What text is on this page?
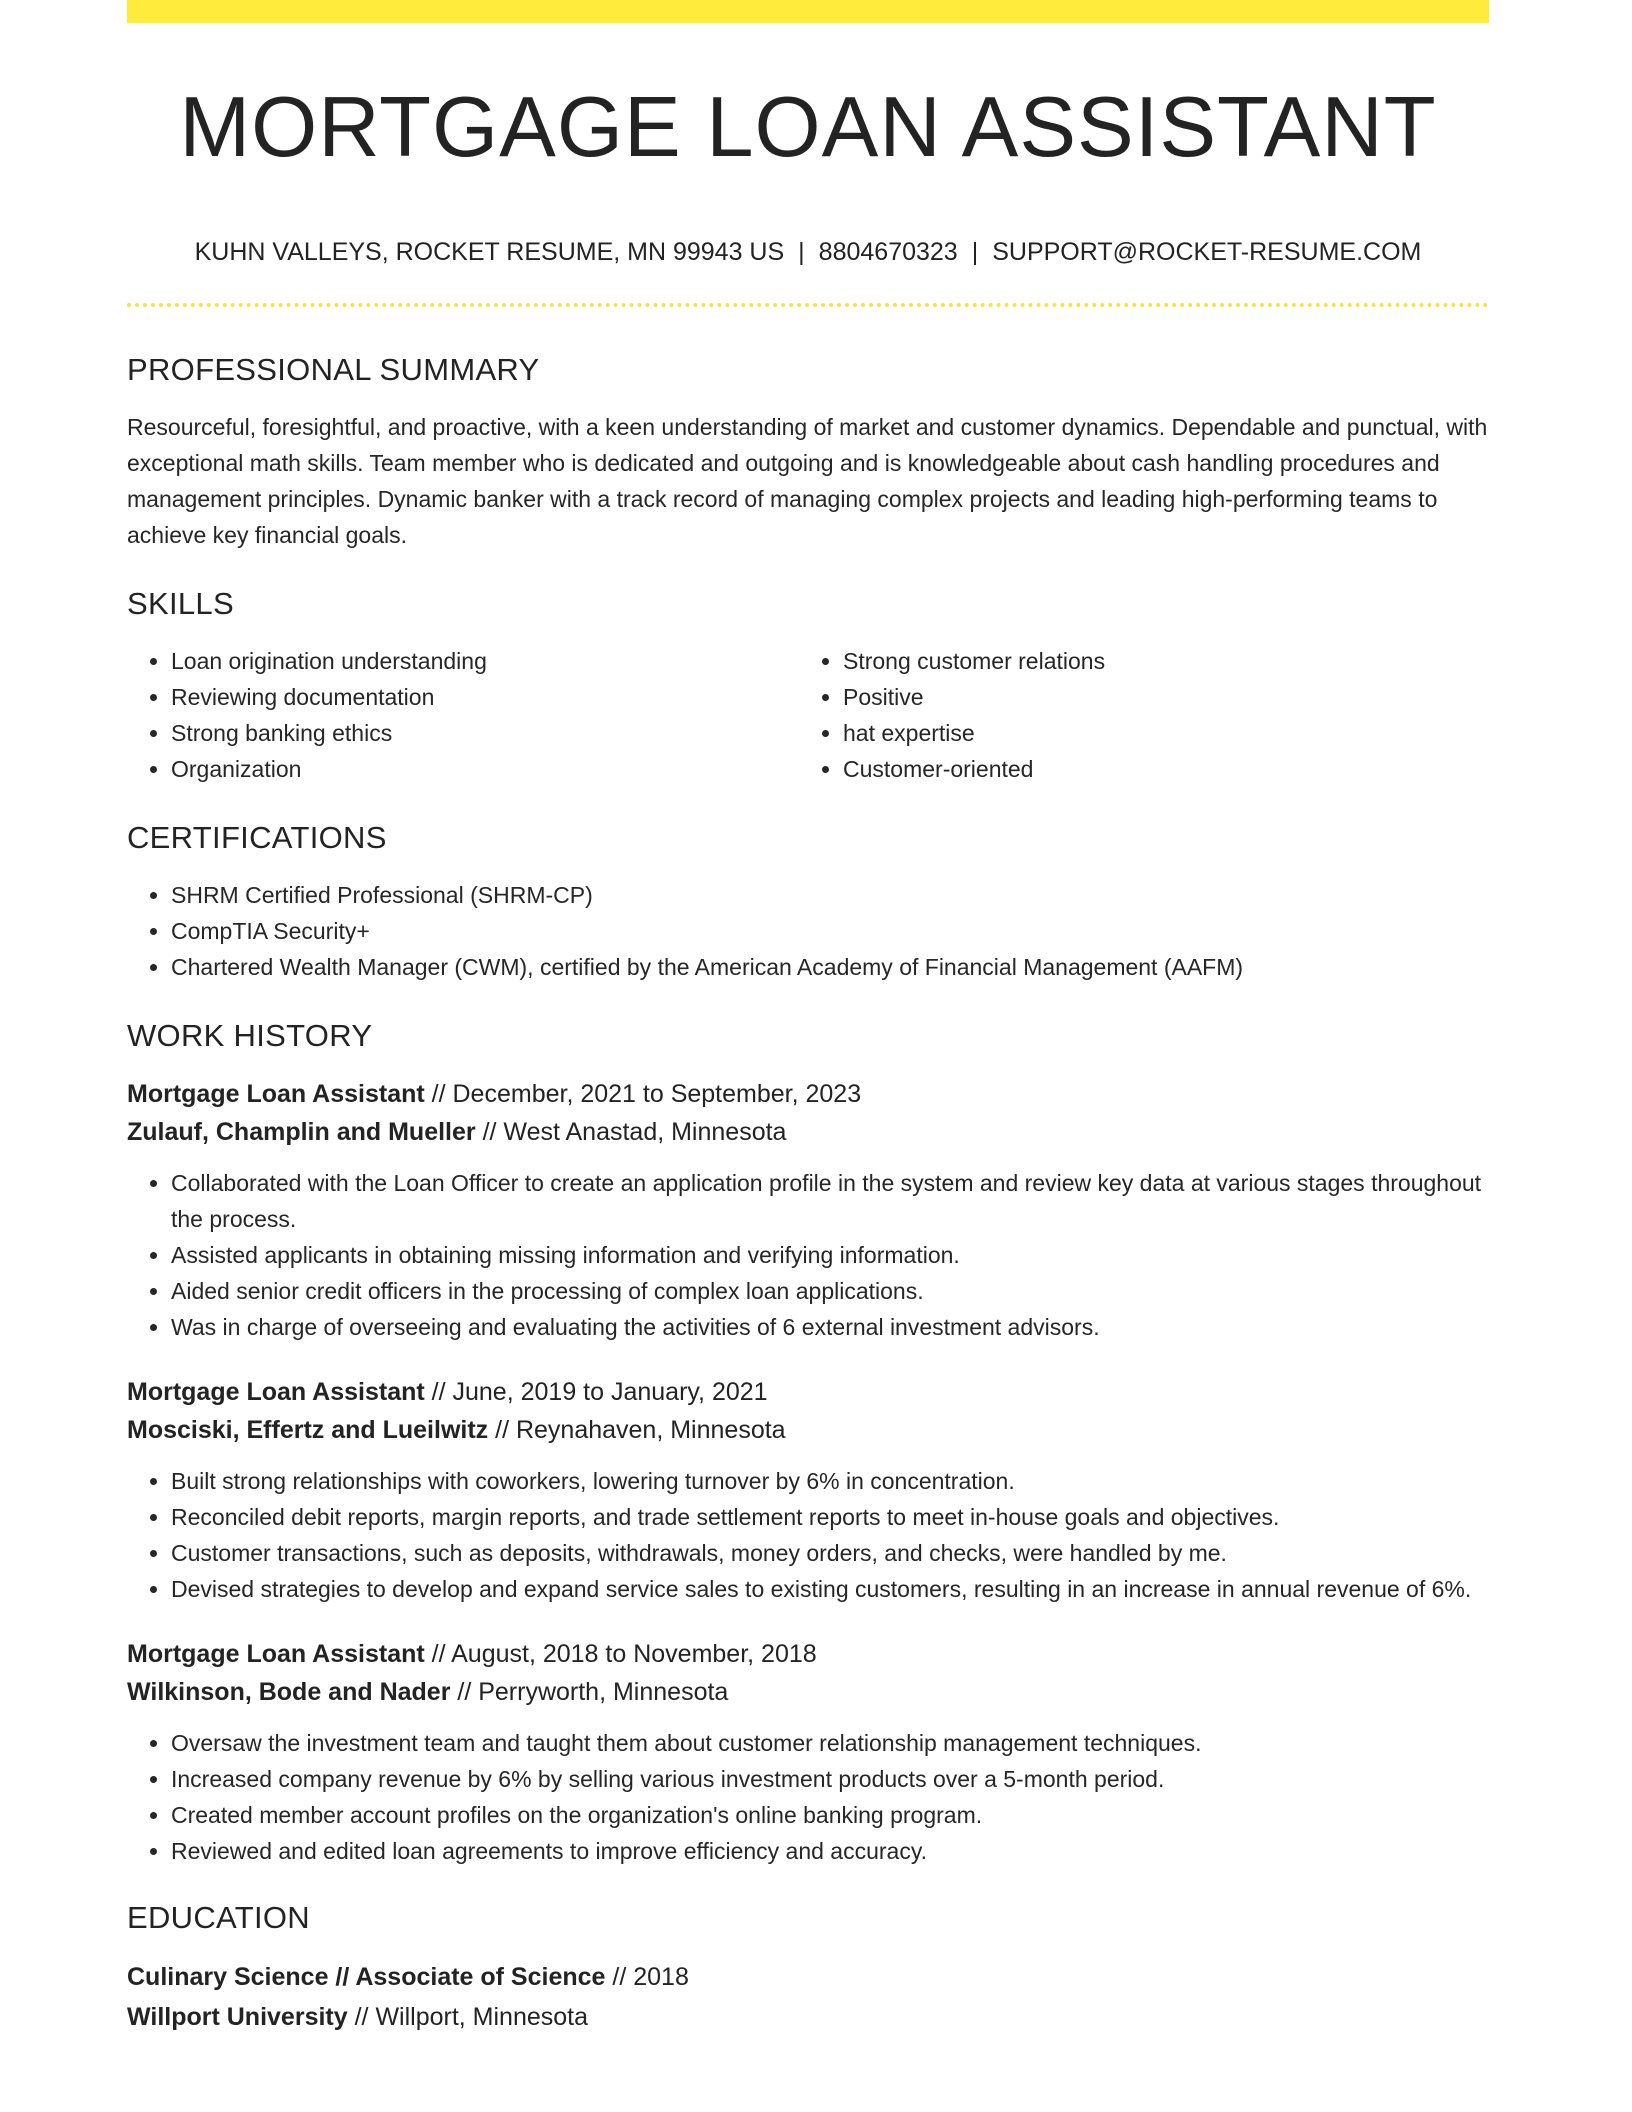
MORTGAGE LOAN ASSISTANT
KUHN VALLEYS, ROCKET RESUME, MN 99943 US | 8804670323 | SUPPORT@ROCKET-RESUME.COM
PROFESSIONAL SUMMARY

Resourceful, foresightful, and proactive, with a keen understanding of market and customer dynamics. Dependable and punctual, with exceptional math skills. Team member who is dedicated and outgoing and is knowledgeable about cash handling procedures and management principles. Dynamic banker with a track record of managing complex projects and leading high-performing teams to achieve key financial goals.

SKILLS
• Loan origination understanding
• Reviewing documentation
• Strong banking ethics
• Organization
• Strong customer relations
• Positive
• hat expertise
• Customer-oriented
CERTIFICATIONS
• SHRM Certified Professional (SHRM-CP)
• CompTIA Security+
• Chartered Wealth Manager (CWM), certified by the American Academy of Financial Management (AAFM)
WORK HISTORY
Mortgage Loan Assistant // December, 2021 to September, 2023
Zulauf, Champlin and Mueller // West Anastad, Minnesota
• Collaborated with the Loan Officer to create an application profile in the system and review key data at various stages throughout the process.
• Assisted applicants in obtaining missing information and verifying information.
• Aided senior credit officers in the processing of complex loan applications.
• Was in charge of overseeing and evaluating the activities of 6 external investment advisors.
Mortgage Loan Assistant // June, 2019 to January, 2021
Mosciski, Effertz and Lueilwitz // Reynahaven, Minnesota
• Built strong relationships with coworkers, lowering turnover by 6% in concentration.
• Reconciled debit reports, margin reports, and trade settlement reports to meet in-house goals and objectives.
• Customer transactions, such as deposits, withdrawals, money orders, and checks, were handled by me.
• Devised strategies to develop and expand service sales to existing customers, resulting in an increase in annual revenue of 6%.
Mortgage Loan Assistant // August, 2018 to November, 2018
Wilkinson, Bode and Nader // Perryworth, Minnesota
• Oversaw the investment team and taught them about customer relationship management techniques.
• Increased company revenue by 6% by selling various investment products over a 5-month period.
• Created member account profiles on the organization's online banking program.
• Reviewed and edited loan agreements to improve efficiency and accuracy.
EDUCATION
Culinary Science // Associate of Science // 2018
Willport University // Willport, Minnesota
